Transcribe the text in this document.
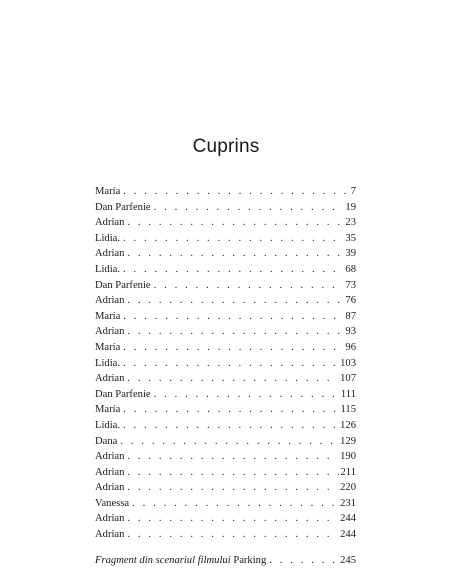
Cuprins
María . . .	7
Dan Parfenie . . .	19
Adrian . . .	23
Lidia. . . .	35
Adrian . . .	39
Lidia. . . .	68
Dan Parfenie . . .	73
Adrian . . .	76
María . . .	87
Adrian . . .	93
María . . .	96
Lidia. . . .	103
Adrian . . .	107
Dan Parfenie . . .	111
María . . .	115
Lidia. . . .	126
Dana . . .	129
Adrian . . .	190
Adrian . . .	211
Adrian . . .	220
Vanessa . . .	231
Adrian . . .	244
Adrian . . .	244
Fragment din scenariul filmului Parking . . .	245
